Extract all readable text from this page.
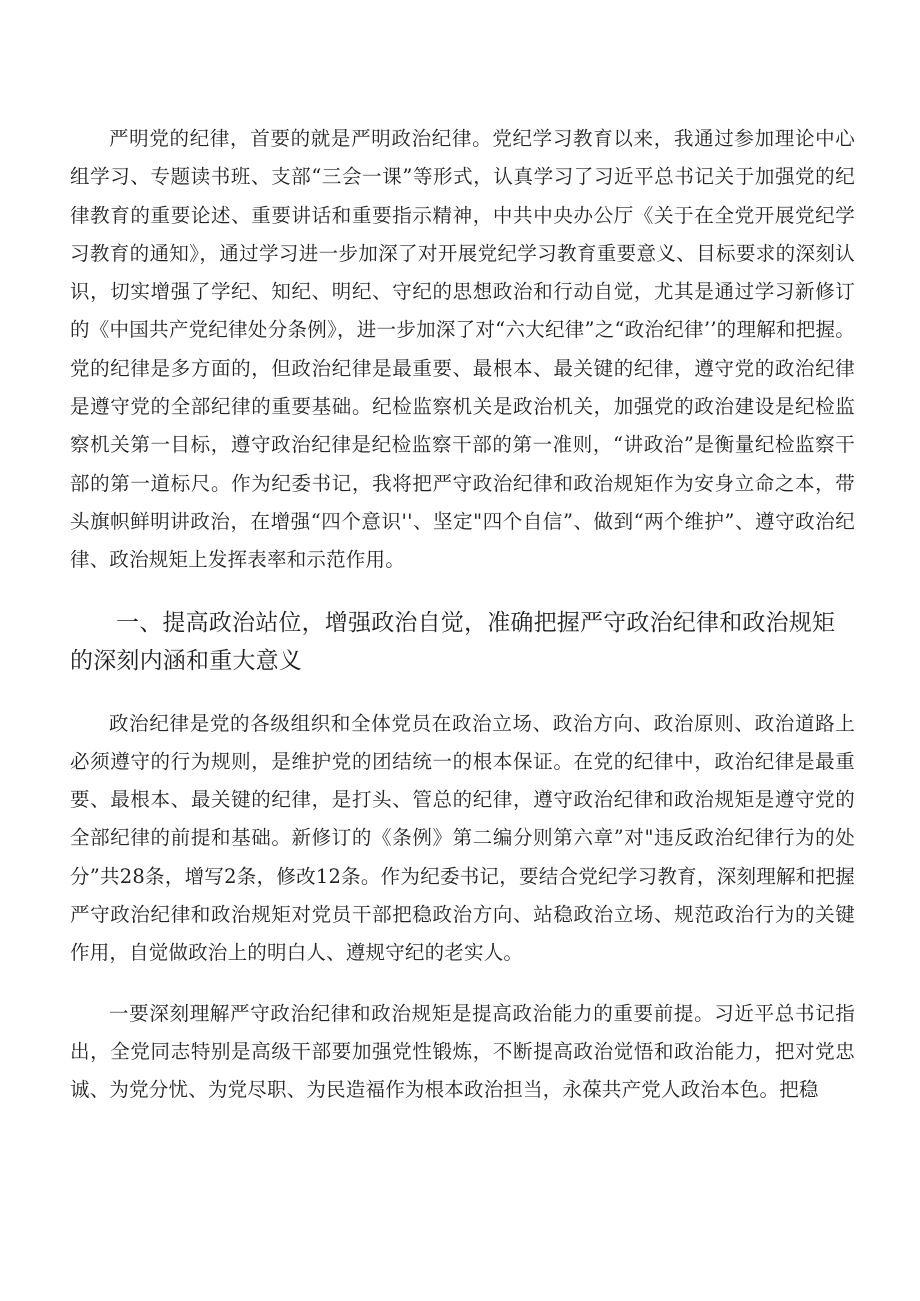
严明党的纪律，首要的就是严明政治纪律。党纪学习教育以来，我通过参加理论中心组学习、专题读书班、支部“三会一课”等形式，认真学习了习近平总书记关于加强党的纪律教育的重要论述、重要讲话和重要指示精神，中共中央办公厅《关于在全党开展党纪学习教育的通知》，通过学习进一步加深了对开展党纪学习教育重要意义、目标要求的深刻认识，切实增强了学纪、知纪、明纪、守纪的思想政治和行动自觉，尤其是通过学习新修订的《中国共产党纪律处分条例》，进一步加深了对“六大纪律”之“政治纪律’’的理解和把握。党的纪律是多方面的，但政治纪律是最重要、最根本、最关键的纪律，遵守党的政治纪律是遵守党的全部纪律的重要基础。纪检监察机关是政治机关，加强党的政治建设是纪检监察机关第一目标，遵守政治纪律是纪检监察干部的第一准则，“讲政治”是衡量纪检监察干部的第一道标尺。作为纪委书记，我将把严守政治纪律和政治规矩作为安身立命之本，带头旗帜鲜明讲政治，在增强“四个意识''、坚定"四个自信”、做到“两个维护”、遵守政治纪律、政治规矩上发挥表率和示范作用。

一、提高政治站位，增强政治自觉，准确把握严守政治纪律和政治规矩的深刻内涵和重大意义

政治纪律是党的各级组织和全体党员在政治立场、政治方向、政治原则、政治道路上必须遵守的行为规则，是维护党的团结统一的根本保证。在党的纪律中，政治纪律是最重要、最根本、最关键的纪律，是打头、管总的纪律，遵守政治纪律和政治规矩是遵守党的全部纪律的前提和基础。新修订的《条例》第二编分则第六章”对"违反政治纪律行为的处分”共28条，增写2条，修改12条。作为纪委书记，要结合党纪学习教育，深刻理解和把握严守政治纪律和政治规矩对党员干部把稳政治方向、站稳政治立场、规范政治行为的关键作用，自觉做政治上的明白人、遵规守纪的老实人。

一要深刻理解严守政治纪律和政治规矩是提高政治能力的重要前提。习近平总书记指出，全党同志特别是高级干部要加强党性锻炼，不断提高政治觉悟和政治能力，把对党忠诚、为党分忧、为党尽职、为民造福作为根本政治担当，永葆共产党人政治本色。把稳
